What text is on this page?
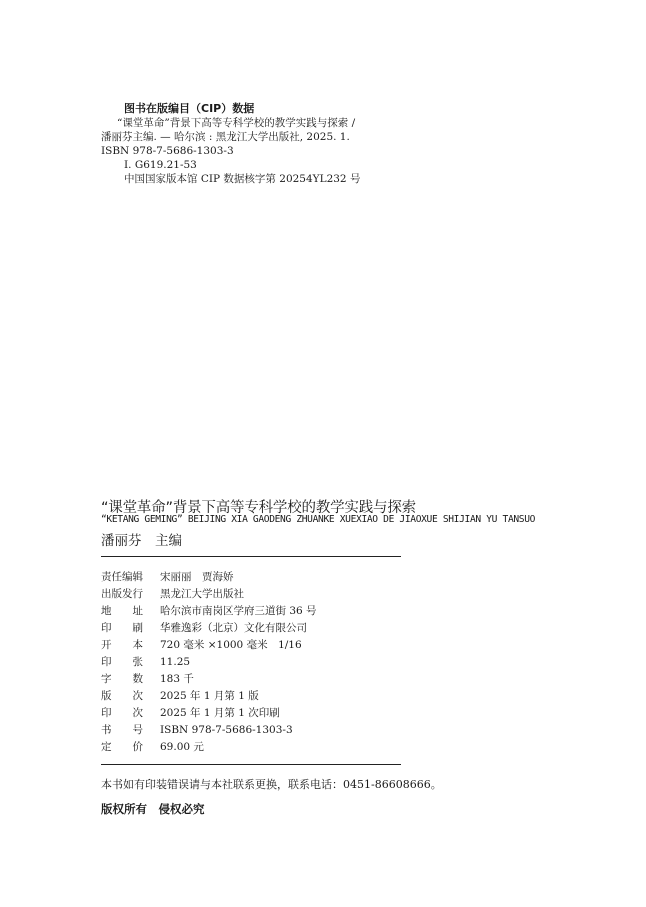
图书在版编目（CIP）数据
“课堂革命”背景下高等专科学校的教学实践与探索 /
潘丽芬主编. — 哈尔滨 : 黑龙江大学出版社, 2025. 1.
ISBN 978-7-5686-1303-3
Ⅰ. G619.21-53
中国国家版本馆 CIP 数据核字第 20254YL232 号
“课堂革命”背景下高等专科学校的教学实践与探索
“KETANG GEMING” BEIJING XIA GAODENG ZHUANKE XUEXIAO DE JIAOXUE SHIJIAN YU TANSUO
潘丽芬　主编
责任编辑 宋丽丽　贾海娇
出版发行 黑龙江大学出版社
地　　址 哈尔滨市南岗区学府三道街 36 号
印　　刷 华雅逸彩（北京）文化有限公司
开　　本 720 毫米 ×1000 毫米　1/16
印　　张 11.25
字　　数 183 千
版　　次 2025 年 1 月第 1 版
印　　次 2025 年 1 月第 1 次印刷
书　　号 ISBN 978-7-5686-1303-3
定　　价 69.00 元
本书如有印装错误请与本社联系更换，联系电话：0451-86608666。
版权所有　侵权必究
